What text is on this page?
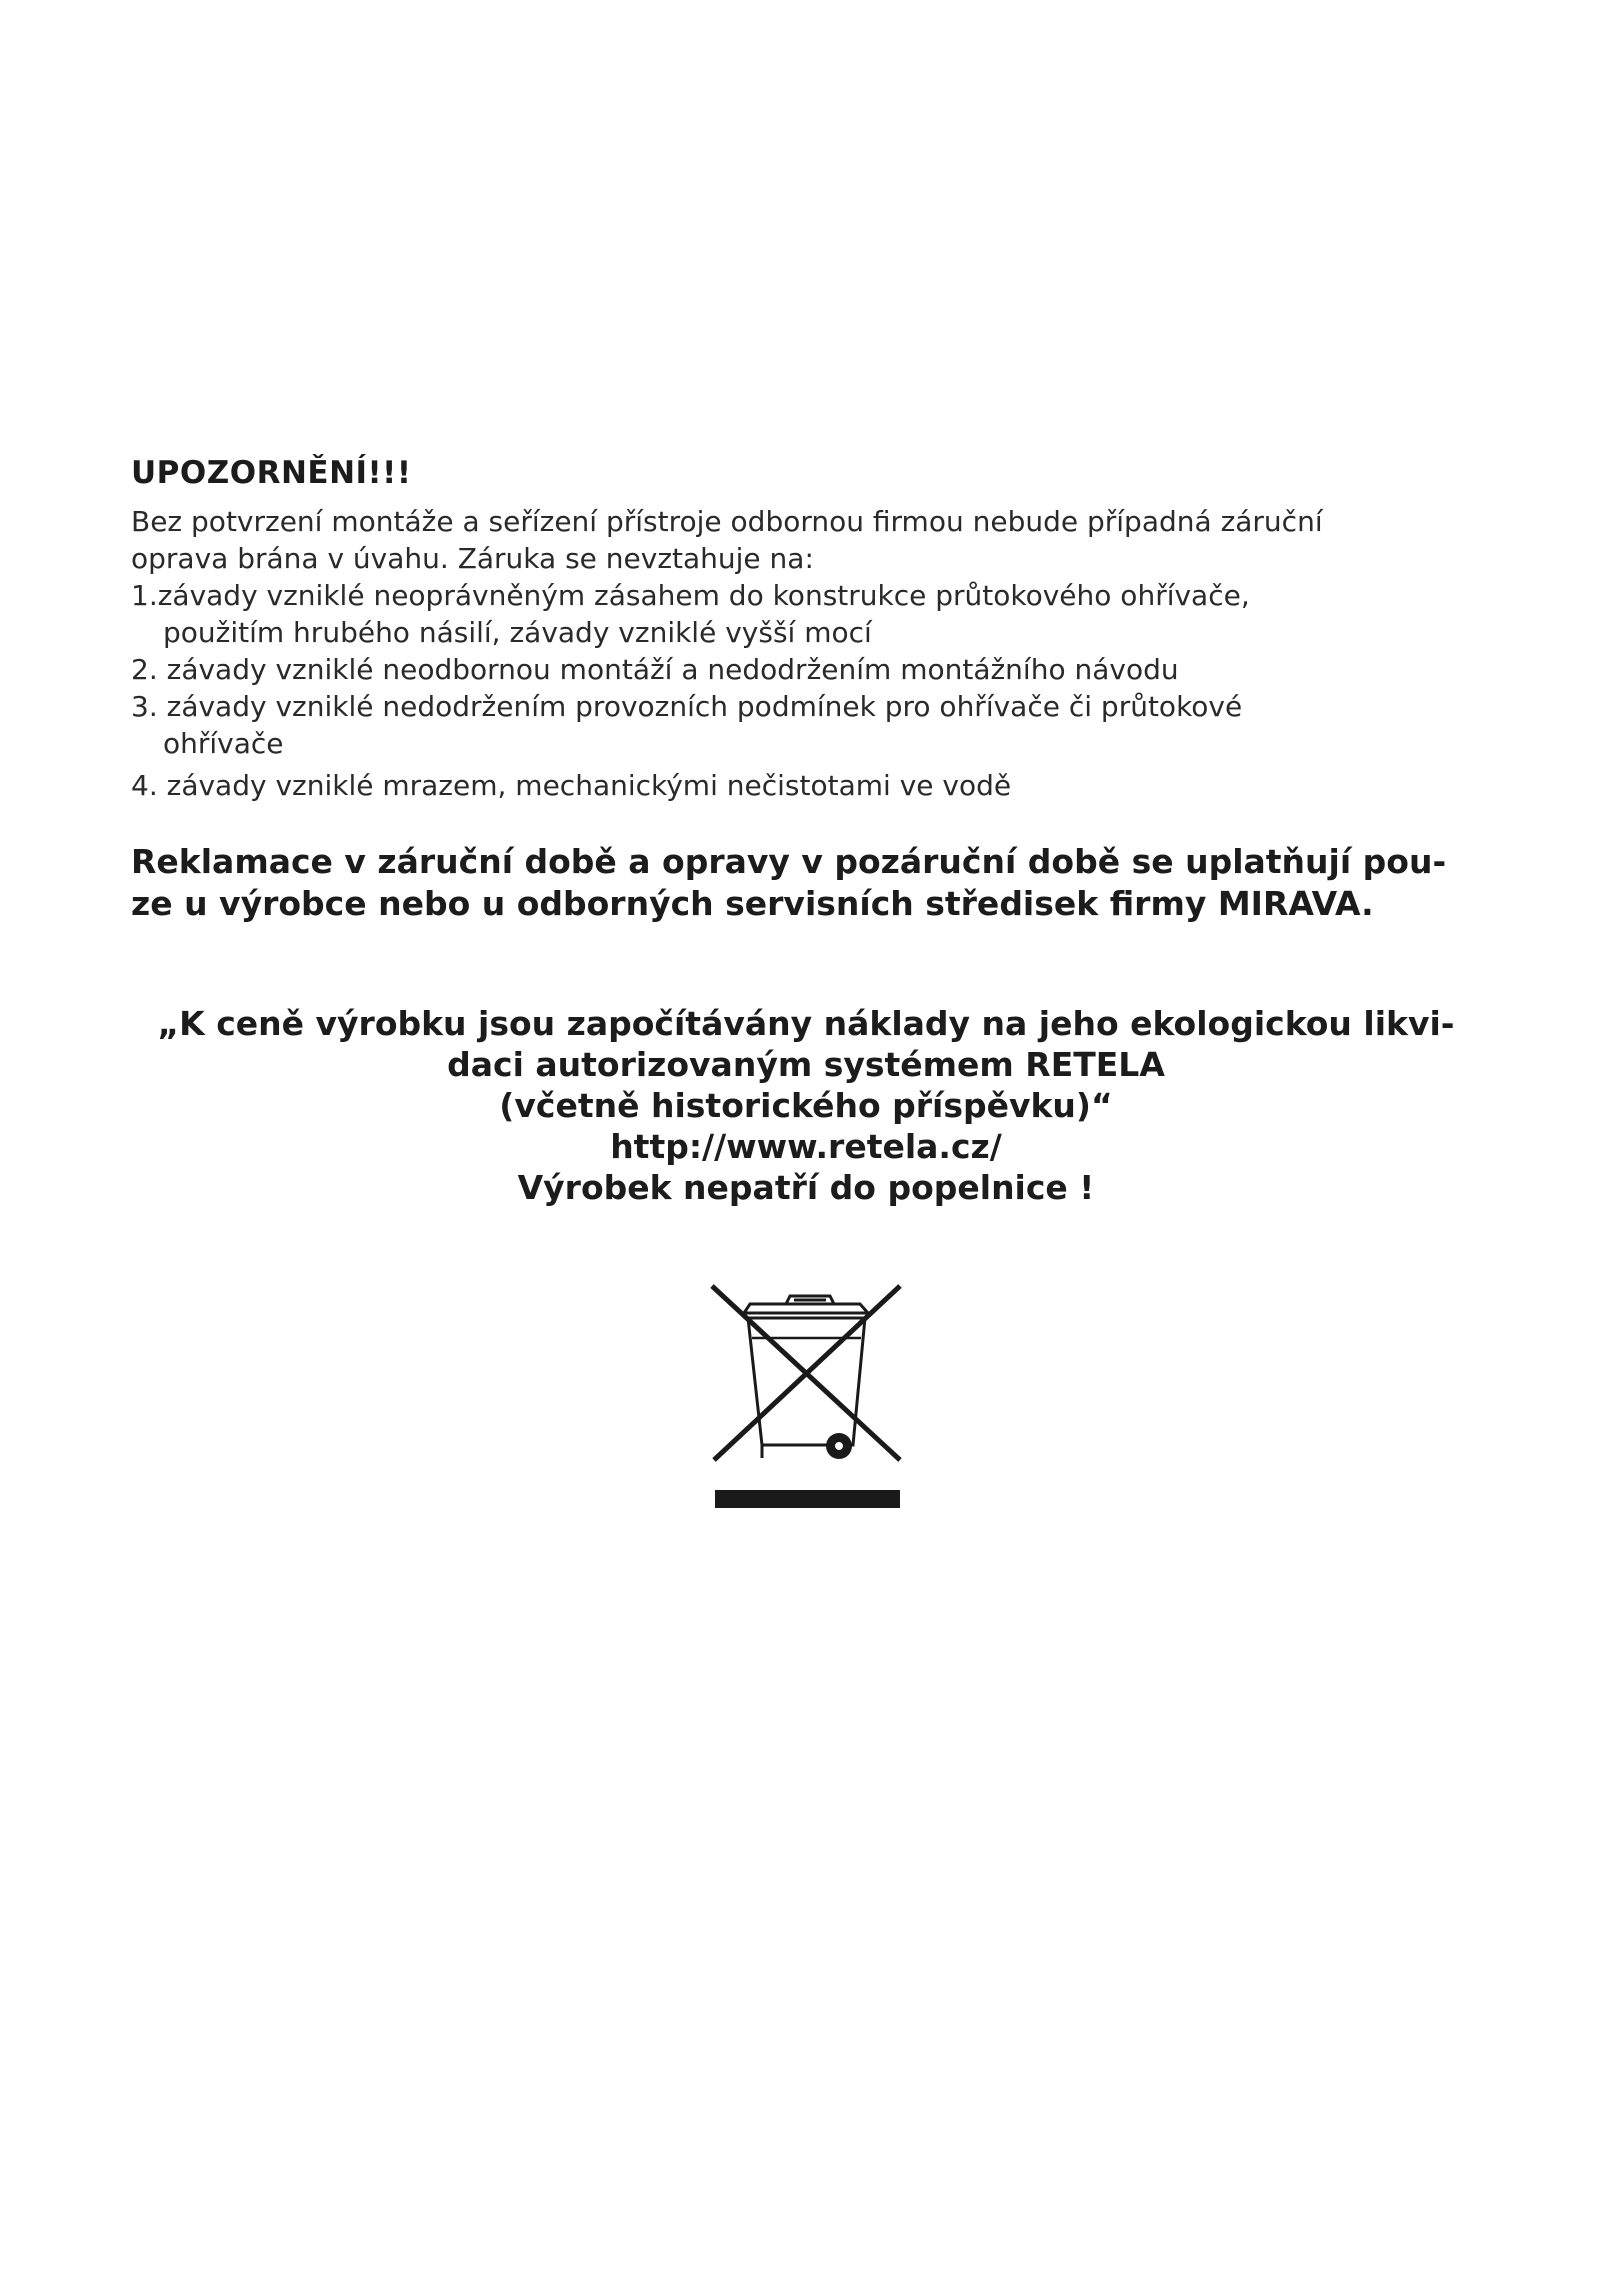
UPOZORNĚNÍ!!!

Bez potvrzení montáže a seřízení přístroje odbornou firmou nebude případná záruční

oprava brána v úvahu. Záruka se nevztahuje na:

1.závady vzniklé neoprávněným zásahem do konstrukce průtokového ohřívače,
použitím hrubého násilí, závady vzniklé vyšší mocí
2. závady vzniklé neodbornou montáží a nedodržením montážního návodu
3. závady vzniklé nedodržením provozních podmínek pro ohřívače či průtokové
ohřívače
4. závady vzniklé mrazem, mechanickými nečistotami ve vodě
Reklamace v záruční době a opravy v pozáruční době se uplatňují pou-
ze u výrobce nebo u odborných servisních středisek firmy MIRAVA.
„K ceně výrobku jsou započítávány náklady na jeho ekologickou likvi-
daci autorizovaným systémem RETELA
(včetně historického příspěvku)“
http://www.retela.cz/
Výrobek nepatří do popelnice !
